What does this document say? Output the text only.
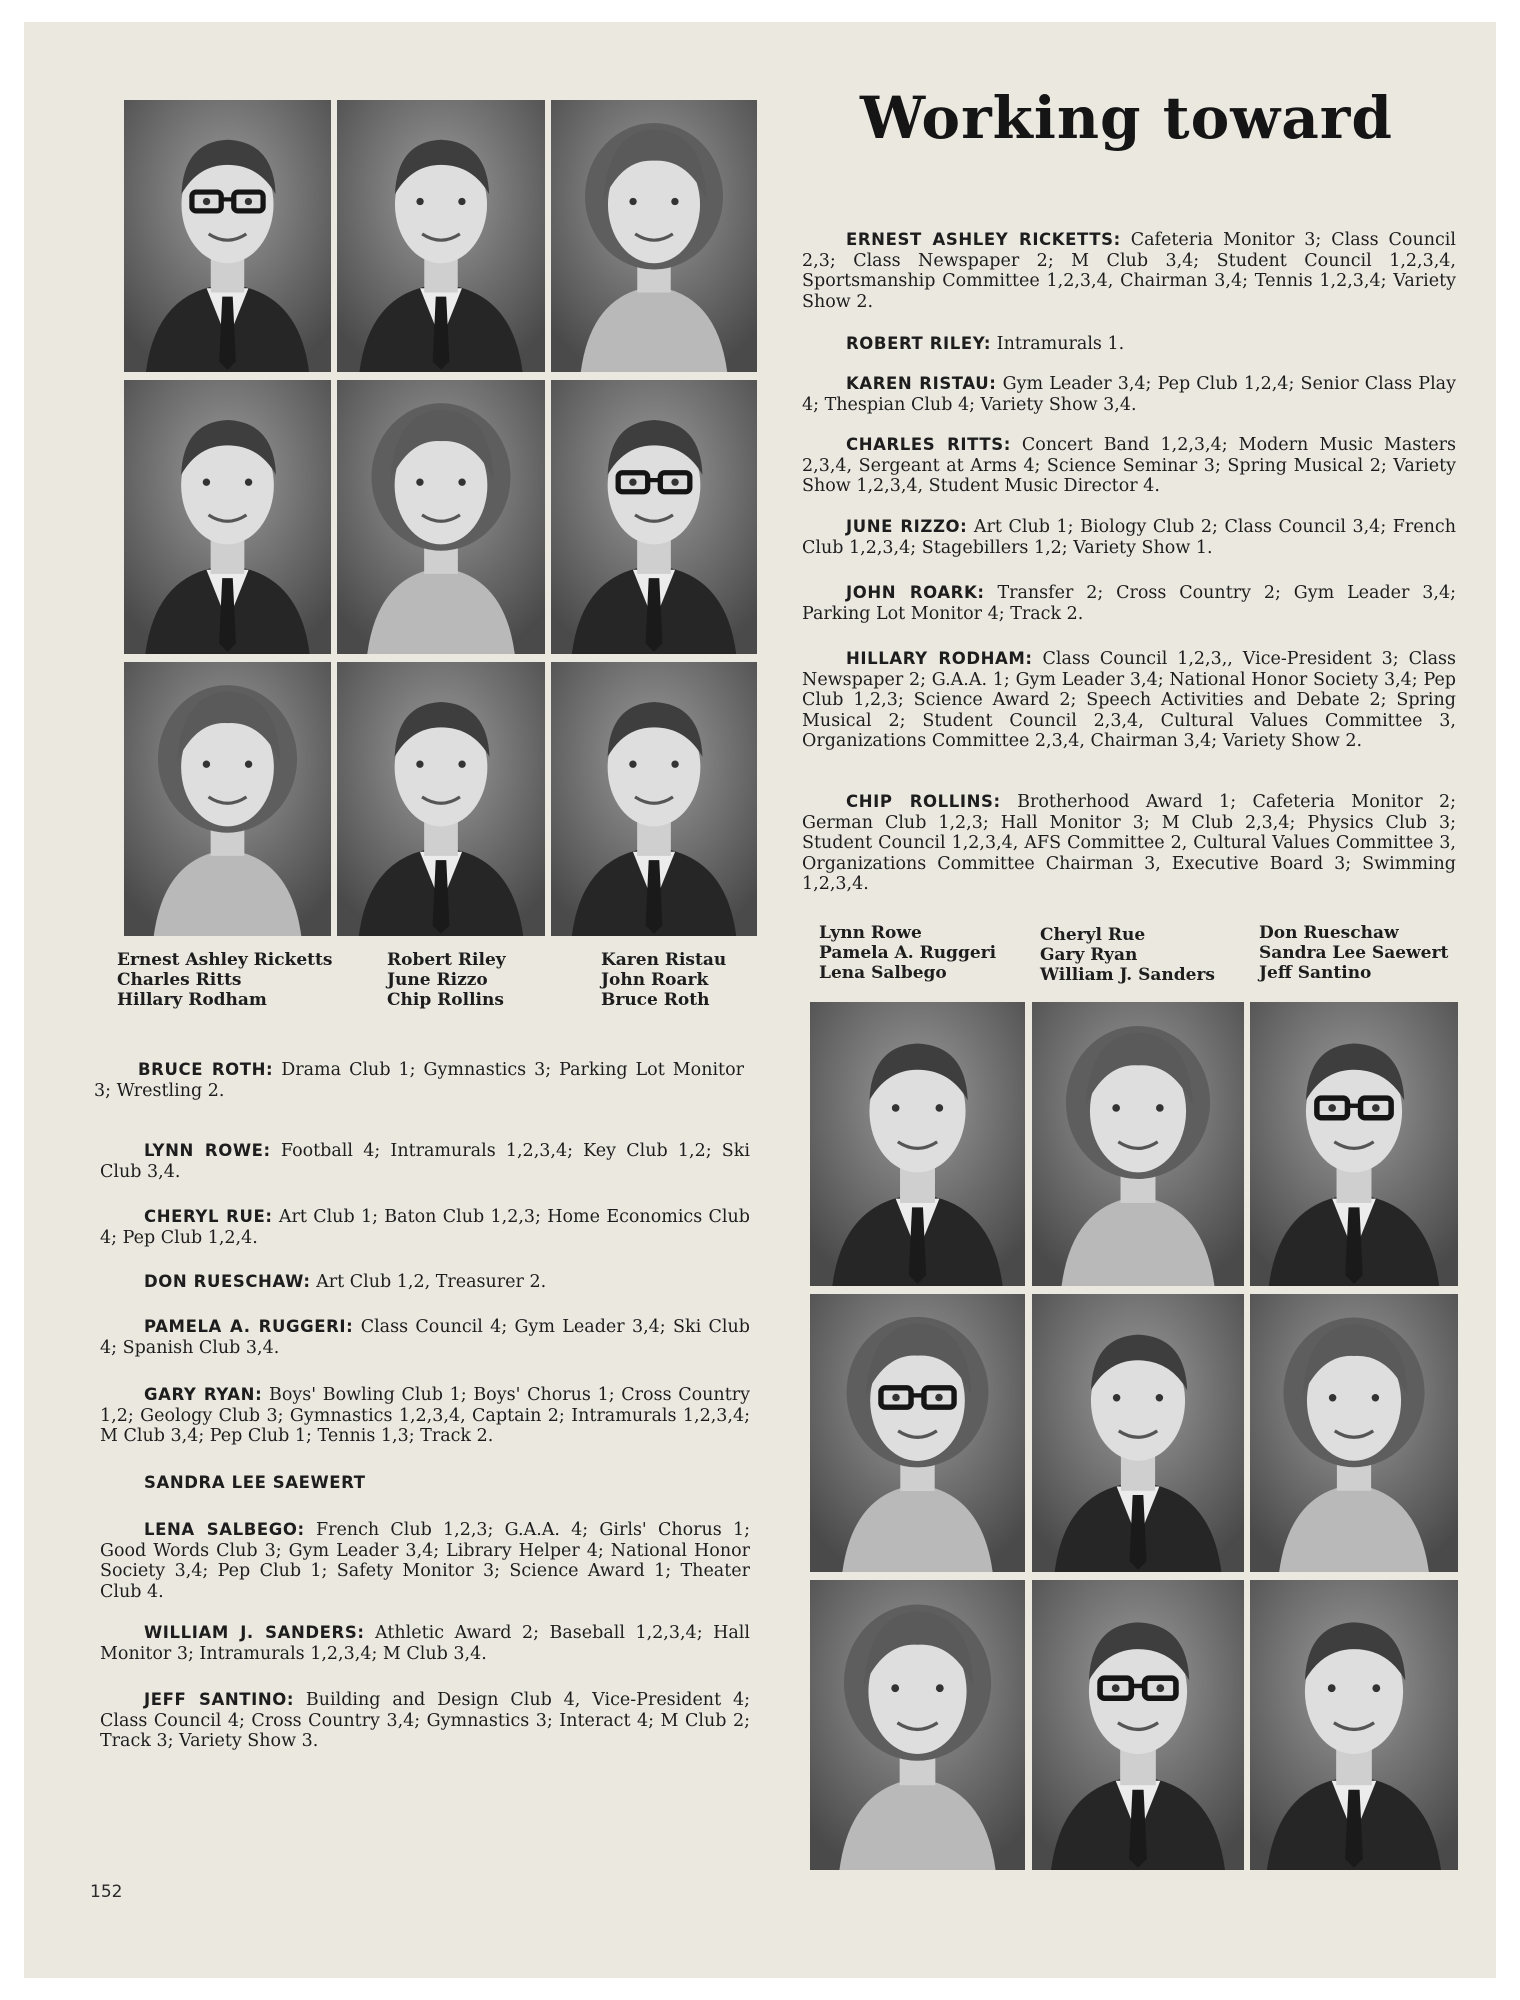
Ernest Ashley Ricketts
Charles Ritts
Hillary Rodham
Robert Riley
June Rizzo
Chip Rollins
Karen Ristau
John Roark
Bruce Roth
Working toward

ERNEST ASHLEY RICKETTS: Cafeteria Monitor 3; Class Council 2,3; Class Newspaper 2; M Club 3,4; Student Council 1,2,3,4, Sportsmanship Committee 1,2,3,4, Chairman 3,4; Tennis 1,2,3,4; Variety Show 2.

ROBERT RILEY: Intramurals 1.

KAREN RISTAU: Gym Leader 3,4; Pep Club 1,2,4; Senior Class Play 4; Thespian Club 4; Variety Show 3,4.

CHARLES RITTS: Concert Band 1,2,3,4; Modern Music Masters 2,3,4, Sergeant at Arms 4; Science Seminar 3; Spring Musical 2; Variety Show 1,2,3,4, Student Music Director 4.

JUNE RIZZO: Art Club 1; Biology Club 2; Class Council 3,4; French Club 1,2,3,4; Stagebillers 1,2; Variety Show 1.

JOHN ROARK: Transfer 2; Cross Country 2; Gym Leader 3,4; Parking Lot Monitor 4; Track 2.

HILLARY RODHAM: Class Council 1,2,3,, Vice-President 3; Class Newspaper 2; G.A.A. 1; Gym Leader 3,4; National Honor Society 3,4; Pep Club 1,2,3; Science Award 2; Speech Activities and Debate 2; Spring Musical 2; Student Council 2,3,4, Cultural Values Committee 3, Organizations Committee 2,3,4, Chairman 3,4; Variety Show 2.

CHIP ROLLINS: Brotherhood Award 1; Cafeteria Monitor 2; German Club 1,2,3; Hall Monitor 3; M Club 2,3,4; Physics Club 3; Student Council 1,2,3,4, AFS Committee 2, Cultural Values Committee 3, Organizations Committee Chairman 3, Executive Board 3; Swimming 1,2,3,4.

Lynn Rowe
Pamela A. Ruggeri
Lena Salbego
Cheryl Rue
Gary Ryan
William J. Sanders
Don Rueschaw
Sandra Lee Saewert
Jeff Santino

BRUCE ROTH: Drama Club 1; Gymnastics 3; Parking Lot Monitor 3; Wrestling 2.

LYNN ROWE: Football 4; Intramurals 1,2,3,4; Key Club 1,2; Ski Club 3,4.

CHERYL RUE: Art Club 1; Baton Club 1,2,3; Home Economics Club 4; Pep Club 1,2,4.

DON RUESCHAW: Art Club 1,2, Treasurer 2.

PAMELA A. RUGGERI: Class Council 4; Gym Leader 3,4; Ski Club 4; Spanish Club 3,4.

GARY RYAN: Boys' Bowling Club 1; Boys' Chorus 1; Cross Country 1,2; Geology Club 3; Gymnastics 1,2,3,4, Captain 2; Intramurals 1,2,3,4; M Club 3,4; Pep Club 1; Tennis 1,3; Track 2.

SANDRA LEE SAEWERT

LENA SALBEGO: French Club 1,2,3; G.A.A. 4; Girls' Chorus 1; Good Words Club 3; Gym Leader 3,4; Library Helper 4; National Honor Society 3,4; Pep Club 1; Safety Monitor 3; Science Award 1; Theater Club 4.

WILLIAM J. SANDERS: Athletic Award 2; Baseball 1,2,3,4; Hall Monitor 3; Intramurals 1,2,3,4; M Club 3,4.

JEFF SANTINO: Building and Design Club 4, Vice-President 4; Class Council 4; Cross Country 3,4; Gymnastics 3; Interact 4; M Club 2; Track 3; Variety Show 3.

152
